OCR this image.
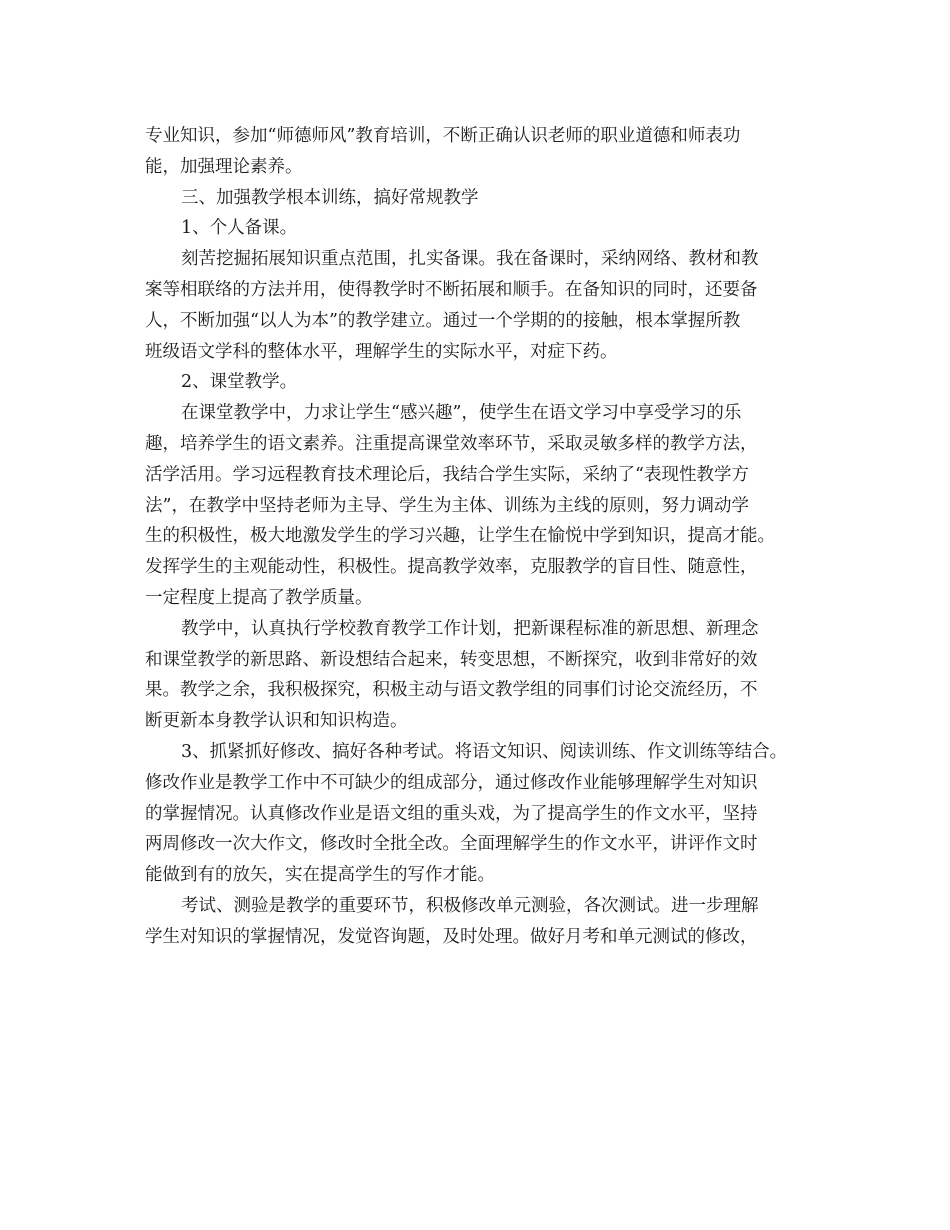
专业知识，参加“师德师风”教育培训，不断正确认识老师的职业道德和师表功
能，加强理论素养。
三、加强教学根本训练，搞好常规教学
1、个人备课。
刻苦挖掘拓展知识重点范围，扎实备课。我在备课时，采纳网络、教材和教
案等相联络的方法并用，使得教学时不断拓展和顺手。在备知识的同时，还要备
人，不断加强“以人为本”的教学建立。通过一个学期的的接触，根本掌握所教
班级语文学科的整体水平，理解学生的实际水平，对症下药。
2、课堂教学。
在课堂教学中，力求让学生“感兴趣”，使学生在语文学习中享受学习的乐
趣，培养学生的语文素养。注重提高课堂效率环节，采取灵敏多样的教学方法，
活学活用。学习远程教育技术理论后，我结合学生实际，采纳了“表现性教学方
法”，在教学中坚持老师为主导、学生为主体、训练为主线的原则，努力调动学
生的积极性，极大地激发学生的学习兴趣，让学生在愉悦中学到知识，提高才能。
发挥学生的主观能动性，积极性。提高教学效率，克服教学的盲目性、随意性，
一定程度上提高了教学质量。
教学中，认真执行学校教育教学工作计划，把新课程标准的新思想、新理念
和课堂教学的新思路、新设想结合起来，转变思想，不断探究，收到非常好的效
果。教学之余，我积极探究，积极主动与语文教学组的同事们讨论交流经历，不
断更新本身教学认识和知识构造。
3、抓紧抓好修改、搞好各种考试。将语文知识、阅读训练、作文训练等结合。
修改作业是教学工作中不可缺少的组成部分，通过修改作业能够理解学生对知识
的掌握情况。认真修改作业是语文组的重头戏，为了提高学生的作文水平，坚持
两周修改一次大作文，修改时全批全改。全面理解学生的作文水平，讲评作文时
能做到有的放矢，实在提高学生的写作才能。
考试、测验是教学的重要环节，积极修改单元测验，各次测试。进一步理解
学生对知识的掌握情况，发觉咨询题，及时处理。做好月考和单元测试的修改，
